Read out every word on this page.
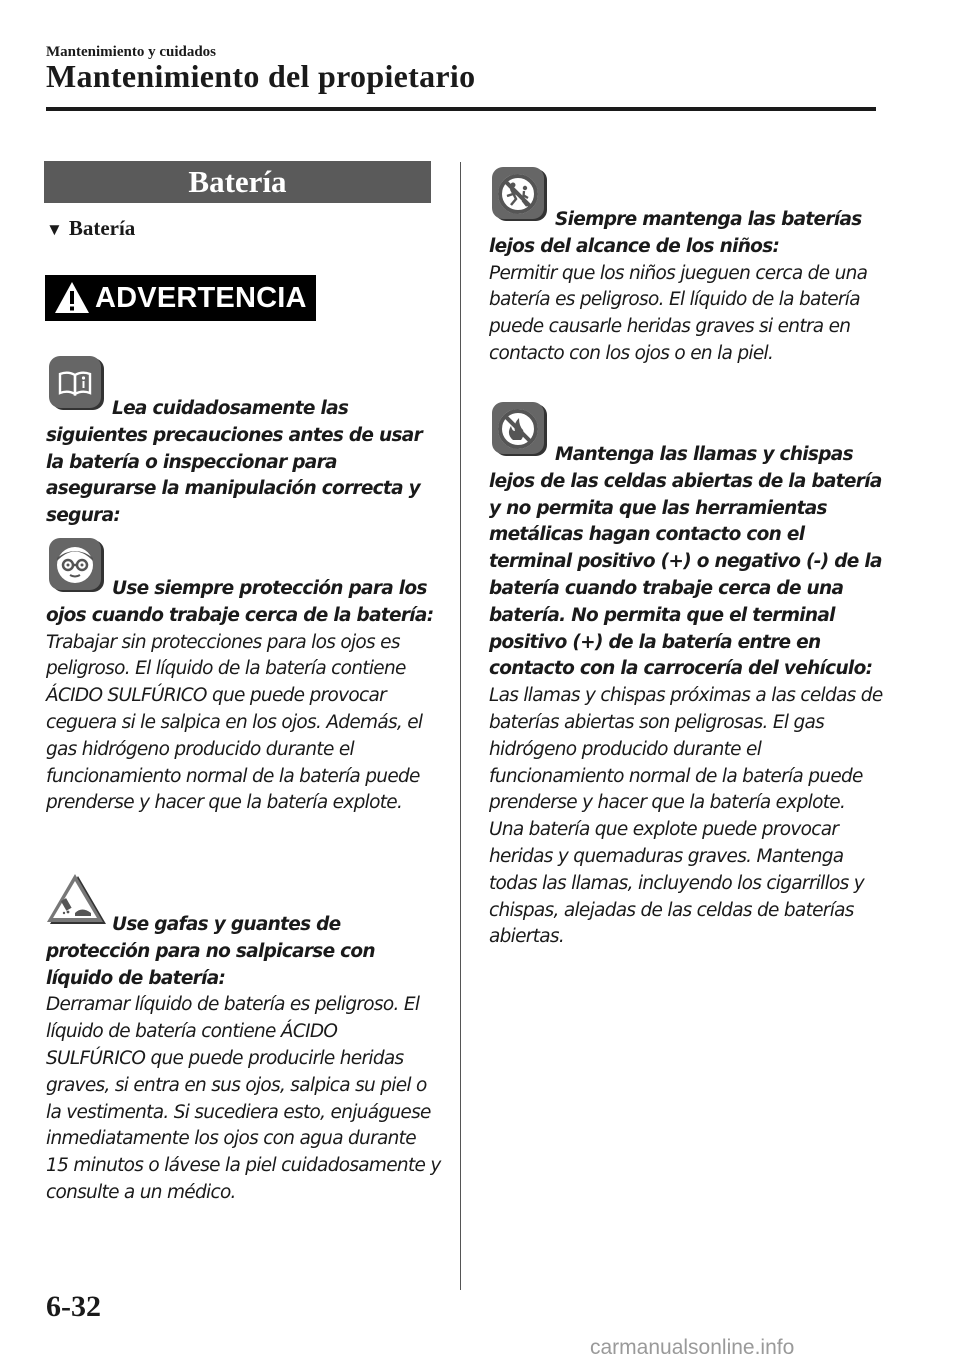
Mantenimiento y cuidados
Mantenimiento del propietario
Batería
▼ Batería
ADVERTENCIA

Lea cuidadosamente las siguientes precauciones antes de usar la batería o inspeccionar para asegurarse la manipulación correcta y segura:

Use siempre protección para los ojos cuando trabaje cerca de la batería:

Trabajar sin protecciones para los ojos es peligroso. El líquido de la batería contiene ÁCIDO SULFÚRICO que puede provocar ceguera si le salpica en los ojos. Además, el gas hidrógeno producido durante el funcionamiento normal de la batería puede prenderse y hacer que la batería explote.

Use gafas y guantes de protección para no salpicarse con líquido de batería:

Derramar líquido de batería es peligroso. El líquido de batería contiene ÁCIDO SULFÚRICO que puede producirle heridas graves, si entra en sus ojos, salpica su piel o la vestimenta. Si sucediera esto, enjuáguese inmediatamente los ojos con agua durante 15 minutos o lávese la piel cuidadosamente y consulte a un médico.

Siempre mantenga las baterías lejos del alcance de los niños:

Permitir que los niños jueguen cerca de una batería es peligroso. El líquido de la batería puede causarle heridas graves si entra en contacto con los ojos o en la piel.

Mantenga las llamas y chispas lejos de las celdas abiertas de la batería y no permita que las herramientas metálicas hagan contacto con el terminal positivo (+) o negativo (-) de la batería cuando trabaje cerca de una batería. No permita que el terminal positivo (+) de la batería entre en contacto con la carrocería del vehículo:

Las llamas y chispas próximas a las celdas de baterías abiertas son peligrosas. El gas hidrógeno producido durante el funcionamiento normal de la batería puede prenderse y hacer que la batería explote. Una batería que explote puede provocar heridas y quemaduras graves. Mantenga todas las llamas, incluyendo los cigarrillos y chispas, alejadas de las celdas de baterías abiertas.

6-32
carmanualsonline.info
